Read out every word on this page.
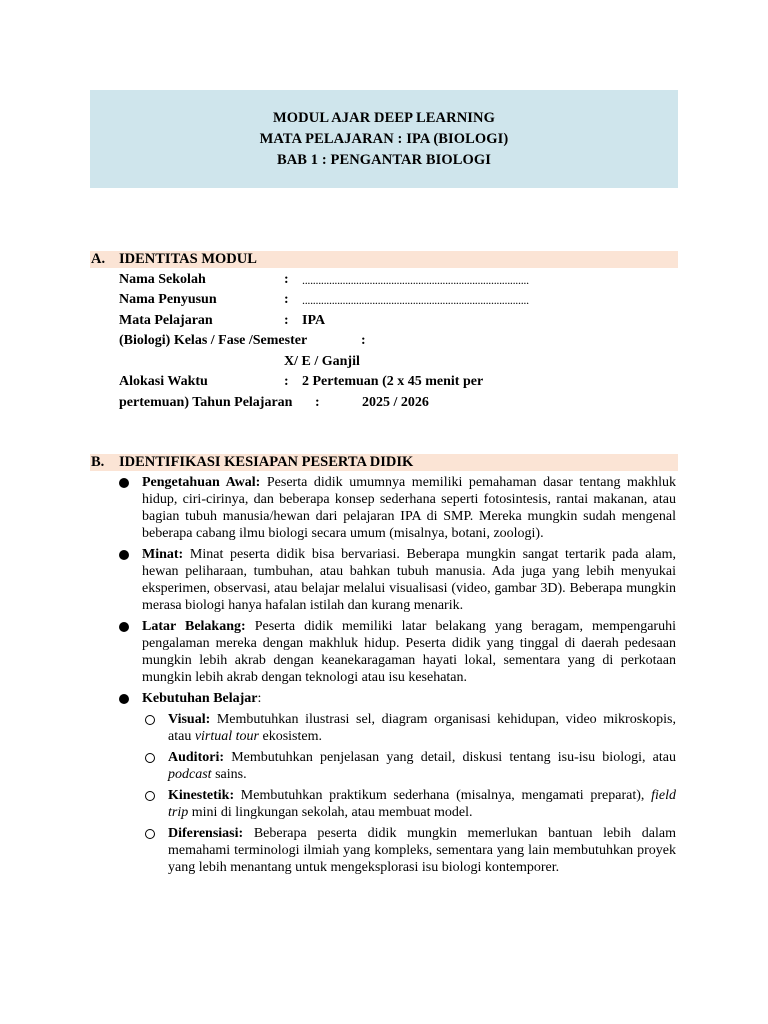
MODUL AJAR DEEP LEARNING
MATA PELAJARAN : IPA (BIOLOGI)
BAB 1 : PENGANTAR BIOLOGI
A. IDENTITAS MODUL
Nama Sekolah	: ....................................................................................
Nama Penyusun	: ....................................................................................
Mata Pelajaran	: IPA
(Biologi) Kelas / Fase /Semester	:
X/ E / Ganjil
Alokasi Waktu	: 2 Pertemuan (2 x 45 menit per
pertemuan) Tahun Pelajaran :	2025 / 2026
B. IDENTIFIKASI KESIAPAN PESERTA DIDIK
Pengetahuan Awal: Peserta didik umumnya memiliki pemahaman dasar tentang makhluk hidup, ciri-cirinya, dan beberapa konsep sederhana seperti fotosintesis, rantai makanan, atau bagian tubuh manusia/hewan dari pelajaran IPA di SMP. Mereka mungkin sudah mengenal beberapa cabang ilmu biologi secara umum (misalnya, botani, zoologi).
Minat: Minat peserta didik bisa bervariasi. Beberapa mungkin sangat tertarik pada alam, hewan peliharaan, tumbuhan, atau bahkan tubuh manusia. Ada juga yang lebih menyukai eksperimen, observasi, atau belajar melalui visualisasi (video, gambar 3D). Beberapa mungkin merasa biologi hanya hafalan istilah dan kurang menarik.
Latar Belakang: Peserta didik memiliki latar belakang yang beragam, mempengaruhi pengalaman mereka dengan makhluk hidup. Peserta didik yang tinggal di daerah pedesaan mungkin lebih akrab dengan keanekaragaman hayati lokal, sementara yang di perkotaan mungkin lebih akrab dengan teknologi atau isu kesehatan.
Kebutuhan Belajar:
Visual: Membutuhkan ilustrasi sel, diagram organisasi kehidupan, video mikroskopis, atau virtual tour ekosistem.
Auditori: Membutuhkan penjelasan yang detail, diskusi tentang isu-isu biologi, atau podcast sains.
Kinestetik: Membutuhkan praktikum sederhana (misalnya, mengamati preparat), field trip mini di lingkungan sekolah, atau membuat model.
Diferensiasi: Beberapa peserta didik mungkin memerlukan bantuan lebih dalam memahami terminologi ilmiah yang kompleks, sementara yang lain membutuhkan proyek yang lebih menantang untuk mengeksplorasi isu biologi kontemporer.
